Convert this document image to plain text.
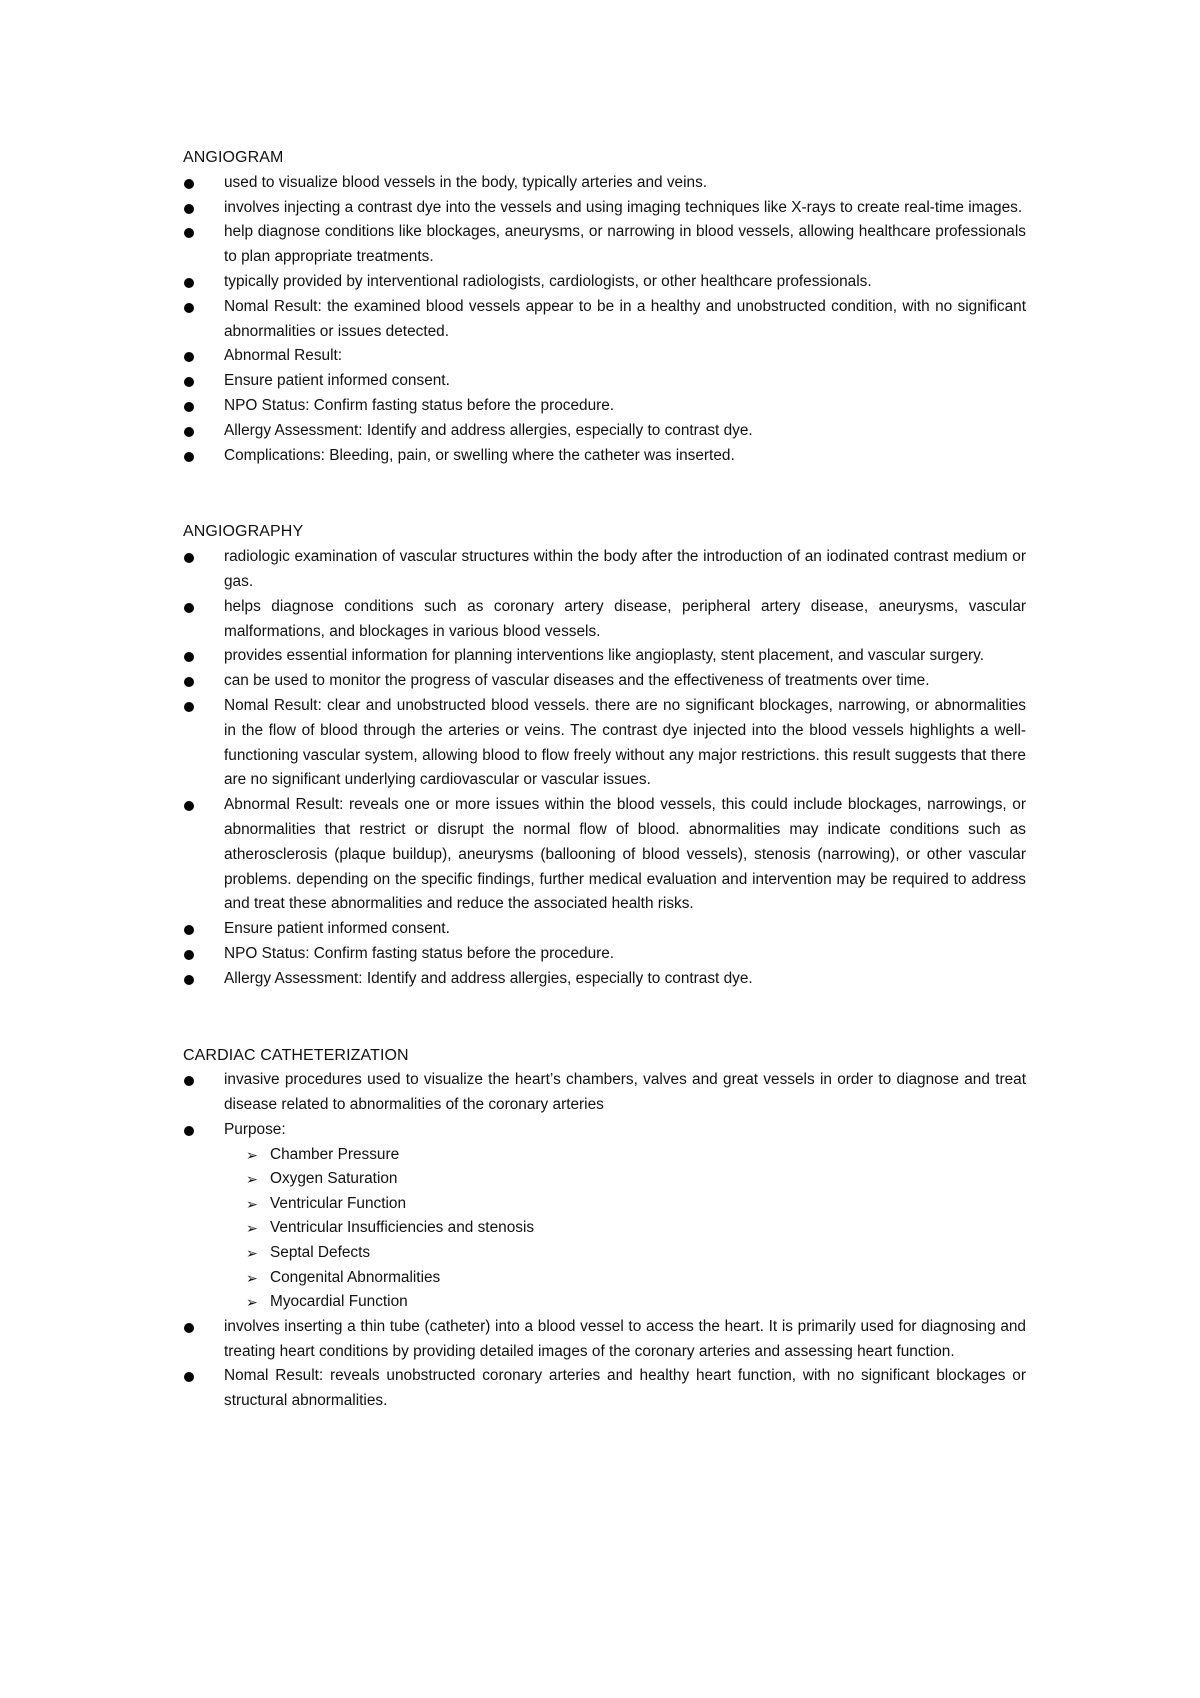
ANGIOGRAM

used to visualize blood vessels in the body, typically arteries and veins.
involves injecting a contrast dye into the vessels and using imaging techniques like X-rays to create real-time images.
help diagnose conditions like blockages, aneurysms, or narrowing in blood vessels, allowing healthcare professionals to plan appropriate treatments.
typically provided by interventional radiologists, cardiologists, or other healthcare professionals.
Nomal Result: the examined blood vessels appear to be in a healthy and unobstructed condition, with no significant abnormalities or issues detected.
Abnormal Result:
Ensure patient informed consent.
NPO Status: Confirm fasting status before the procedure.
Allergy Assessment: Identify and address allergies, especially to contrast dye.
Complications: Bleeding, pain, or swelling where the catheter was inserted.

ANGIOGRAPHY

radiologic examination of vascular structures within the body after the introduction of an iodinated contrast medium or gas.
helps diagnose conditions such as coronary artery disease, peripheral artery disease, aneurysms, vascular malformations, and blockages in various blood vessels.
provides essential information for planning interventions like angioplasty, stent placement, and vascular surgery.
can be used to monitor the progress of vascular diseases and the effectiveness of treatments over time.
Nomal Result: clear and unobstructed blood vessels. there are no significant blockages, narrowing, or abnormalities in the flow of blood through the arteries or veins. The contrast dye injected into the blood vessels highlights a well-functioning vascular system, allowing blood to flow freely without any major restrictions. this result suggests that there are no significant underlying cardiovascular or vascular issues.
Abnormal Result: reveals one or more issues within the blood vessels, this could include blockages, narrowings, or abnormalities that restrict or disrupt the normal flow of blood. abnormalities may indicate conditions such as atherosclerosis (plaque buildup), aneurysms (ballooning of blood vessels), stenosis (narrowing), or other vascular problems. depending on the specific findings, further medical evaluation and intervention may be required to address and treat these abnormalities and reduce the associated health risks.
Ensure patient informed consent.
NPO Status: Confirm fasting status before the procedure.
Allergy Assessment: Identify and address allergies, especially to contrast dye.

CARDIAC CATHETERIZATION

invasive procedures used to visualize the heart’s chambers, valves and great vessels in order to diagnose and treat disease related to abnormalities of the coronary arteries
Purpose:
➢ Chamber Pressure
➢ Oxygen Saturation
➢ Ventricular Function
➢ Ventricular Insufficiencies and stenosis
➢ Septal Defects
➢ Congenital Abnormalities
➢ Myocardial Function
involves inserting a thin tube (catheter) into a blood vessel to access the heart. It is primarily used for diagnosing and treating heart conditions by providing detailed images of the coronary arteries and assessing heart function.
Nomal Result: reveals unobstructed coronary arteries and healthy heart function, with no significant blockages or structural abnormalities.
